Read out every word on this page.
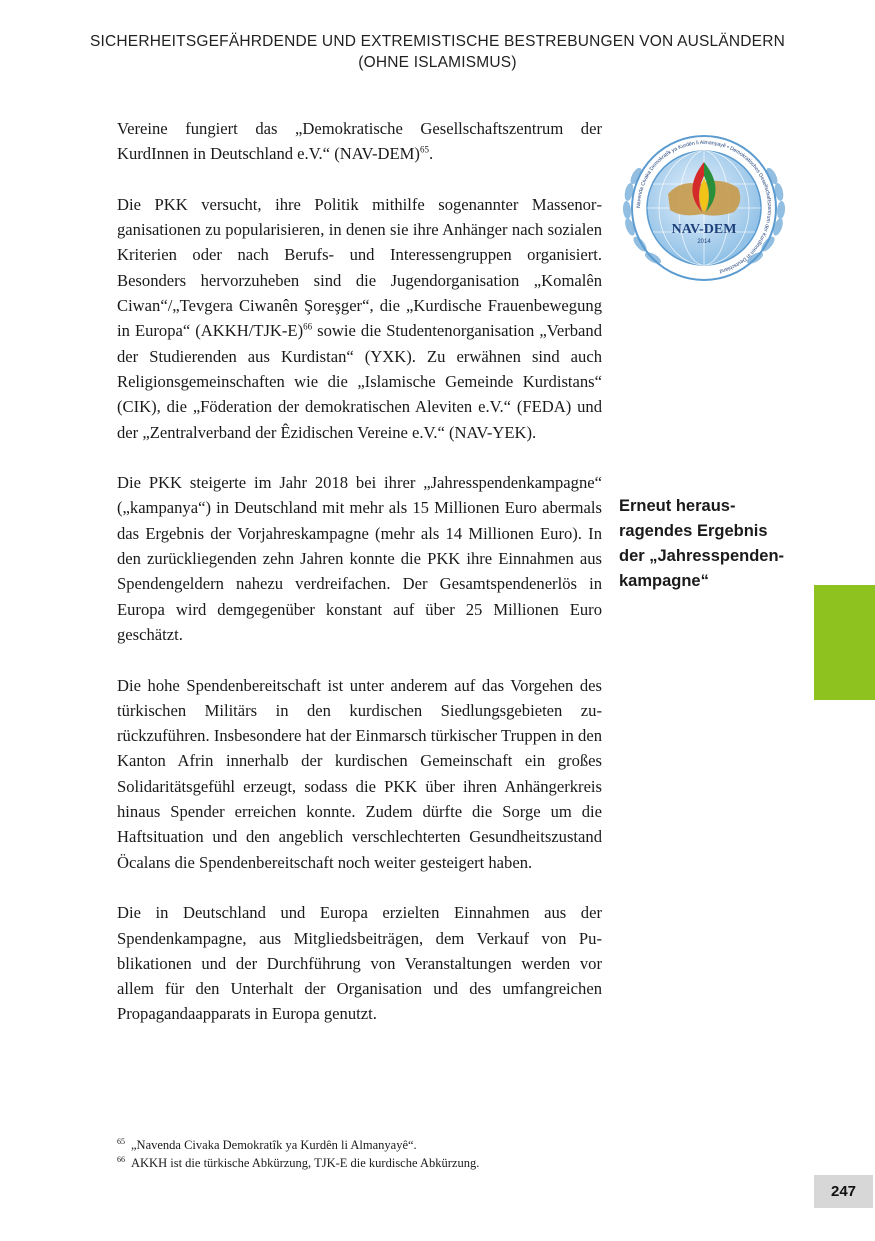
SICHERHEITSGEFÄHRDENDE UND EXTREMISTISCHE BESTREBUNGEN VON AUSLÄNDERN
(OHNE ISLAMISMUS)

Vereine fungiert das „Demokratische Gesellschaftszentrum der KurdInnen in Deutschland e.V.“ (NAV-DEM)$^{65}$.

Die PKK versucht, ihre Politik mithilfe sogenannter Massenorganisationen zu popularisieren, in denen sie ihre Anhänger nach sozialen Kriterien oder nach Berufs- und Interessengruppen organisiert. Besonders hervorzuheben sind die Jugendorganisation „Komalên Ciwan“/„Tevgera Ciwanên Şoreşger“, die „Kurdische Frauenbewegung in Europa“ (AKKH/TJK-E)$^{66}$ sowie die Studentenorganisation „Verband der Studierenden aus Kurdistan“ (YXK). Zu erwähnen sind auch Religionsgemeinschaften wie die „Islamische Gemeinde Kurdistans“ (CIK), die „Föderation der demokratischen Aleviten e.V.“ (FEDA) und der „Zentralverband der Êzidischen Vereine e.V.“ (NAV-YEK).

Die PKK steigerte im Jahr 2018 bei ihrer „Jahresspendenkampagne“ („kampanya“) in Deutschland mit mehr als 15 Millionen Euro abermals das Ergebnis der Vorjahreskampagne (mehr als 14 Millionen Euro). In den zurückliegenden zehn Jahren konnte die PKK ihre Einnahmen aus Spendengeldern nahezu verdreifachen. Der Gesamtspendenerlös in Europa wird demgegenüber konstant auf über 25 Millionen Euro geschätzt.

Die hohe Spendenbereitschaft ist unter anderem auf das Vorgehen des türkischen Militärs in den kurdischen Siedlungsgebieten zurückzuführen. Insbesondere hat der Einmarsch türkischer Truppen in den Kanton Afrin innerhalb der kurdischen Gemeinschaft ein großes Solidaritätsgefühl erzeugt, sodass die PKK über ihren Anhängerkreis hinaus Spender erreichen konnte. Zudem dürfte die Sorge um die Haftsituation und den angeblich verschlechterten Gesundheitszustand Öcalans die Spendenbereitschaft noch weiter gesteigert haben.

Die in Deutschland und Europa erzielten Einnahmen aus der Spendenkampagne, aus Mitgliedsbeiträgen, dem Verkauf von Publikationen und der Durchführung von Veranstaltungen werden vor allem für den Unterhalt der Organisation und des umfangreichen Propagandaapparats in Europa genutzt.

NAV-DEM
2014
Navenda Civaka Demokratîk ya Kurdên li Almanyayê • Demokratisches Gesellschaftszentrum der KurdInnen in Deutschland
Erneut heraus-
ragendes Ergebnis
der „Jahresspenden-
kampagne“
$^{65}$ „Navenda Civaka Demokratîk ya Kurdên li Almanyayê“.
$^{66}$ AKKH ist die türkische Abkürzung, TJK-E die kurdische Abkürzung.
247
